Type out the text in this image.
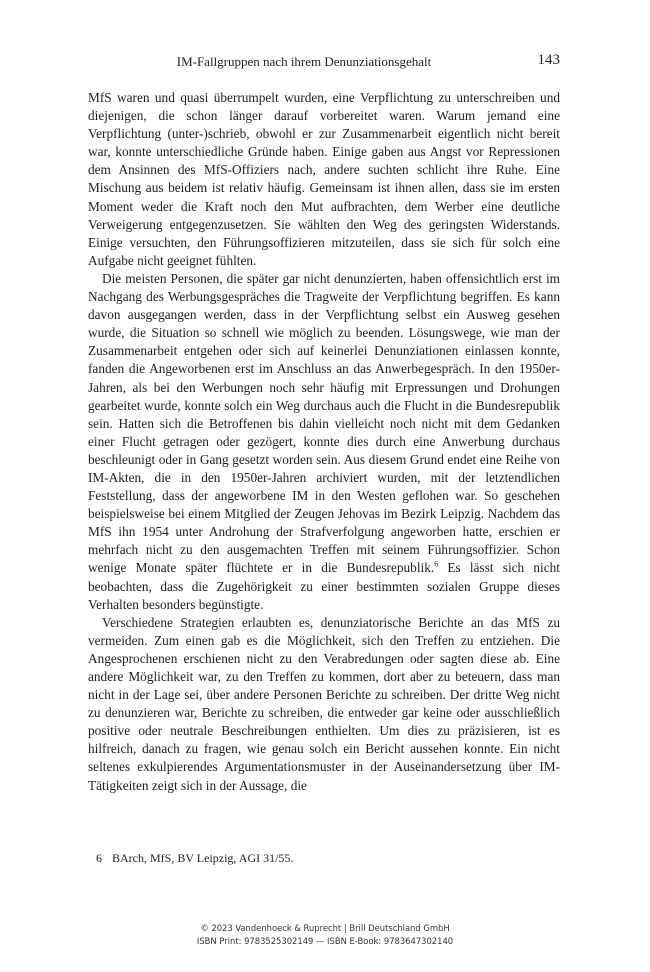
IM-Fallgruppen nach ihrem Denunziationsgehalt	143

MfS waren und quasi überrumpelt wurden, eine Verpflichtung zu unterschreiben und diejenigen, die schon länger darauf vorbereitet waren. Warum jemand eine Verpflichtung (unter-)schrieb, obwohl er zur Zusammenarbeit eigentlich nicht bereit war, konnte unterschiedliche Gründe haben. Einige gaben aus Angst vor Repressionen dem Ansinnen des MfS-Offiziers nach, andere suchten schlicht ihre Ruhe. Eine Mischung aus beidem ist relativ häufig. Gemeinsam ist ihnen allen, dass sie im ersten Moment weder die Kraft noch den Mut aufbrachten, dem Werber eine deutliche Verweigerung entgegenzusetzen. Sie wählten den Weg des geringsten Widerstands. Einige versuchten, den Führungsoffizieren mitzuteilen, dass sie sich für solch eine Aufgabe nicht geeignet fühlten.

Die meisten Personen, die später gar nicht denunzierten, haben offensichtlich erst im Nachgang des Werbungsgespräches die Tragweite der Verpflichtung begriffen. Es kann davon ausgegangen werden, dass in der Verpflichtung selbst ein Ausweg gesehen wurde, die Situation so schnell wie möglich zu beenden. Lösungswege, wie man der Zusammenarbeit entgehen oder sich auf keinerlei Denunziationen einlassen konnte, fanden die Angeworbenen erst im Anschluss an das Anwerbegespräch. In den 1950er-Jahren, als bei den Werbungen noch sehr häufig mit Erpressungen und Drohungen gearbeitet wurde, konnte solch ein Weg durchaus auch die Flucht in die Bundesrepublik sein. Hatten sich die Betroffenen bis dahin vielleicht noch nicht mit dem Gedanken einer Flucht getragen oder gezögert, konnte dies durch eine Anwerbung durchaus beschleunigt oder in Gang gesetzt worden sein. Aus diesem Grund endet eine Reihe von IM-Akten, die in den 1950er-Jahren archiviert wurden, mit der letztendlichen Feststellung, dass der angeworbene IM in den Westen geflohen war. So geschehen beispielsweise bei einem Mitglied der Zeugen Jehovas im Bezirk Leipzig. Nachdem das MfS ihn 1954 unter Androhung der Strafverfolgung angeworben hatte, erschien er mehrfach nicht zu den ausgemachten Treffen mit seinem Führungsoffizier. Schon wenige Monate später flüchtete er in die Bundesrepublik.$^6$ Es lässt sich nicht beobachten, dass die Zugehörigkeit zu einer bestimmten sozialen Gruppe dieses Verhalten besonders begünstigte.

Verschiedene Strategien erlaubten es, denunziatorische Berichte an das MfS zu vermeiden. Zum einen gab es die Möglichkeit, sich den Treffen zu entziehen. Die Angesprochenen erschienen nicht zu den Verabredungen oder sagten diese ab. Eine andere Möglichkeit war, zu den Treffen zu kommen, dort aber zu beteuern, dass man nicht in der Lage sei, über andere Personen Berichte zu schreiben. Der dritte Weg nicht zu denunzieren war, Berichte zu schreiben, die entweder gar keine oder ausschließlich positive oder neutrale Beschreibungen enthielten. Um dies zu präzisieren, ist es hilfreich, danach zu fragen, wie genau solch ein Bericht aussehen konnte. Ein nicht seltenes exkulpierendes Argumentationsmuster in der Auseinandersetzung über IM-Tätigkeiten zeigt sich in der Aussage, die

6 BArch, MfS, BV Leipzig, AGI 31/55.
© 2023 Vandenhoeck & Ruprecht | Brill Deutschland GmbH
ISBN Print: 9783525302149 — ISBN E-Book: 9783647302140
